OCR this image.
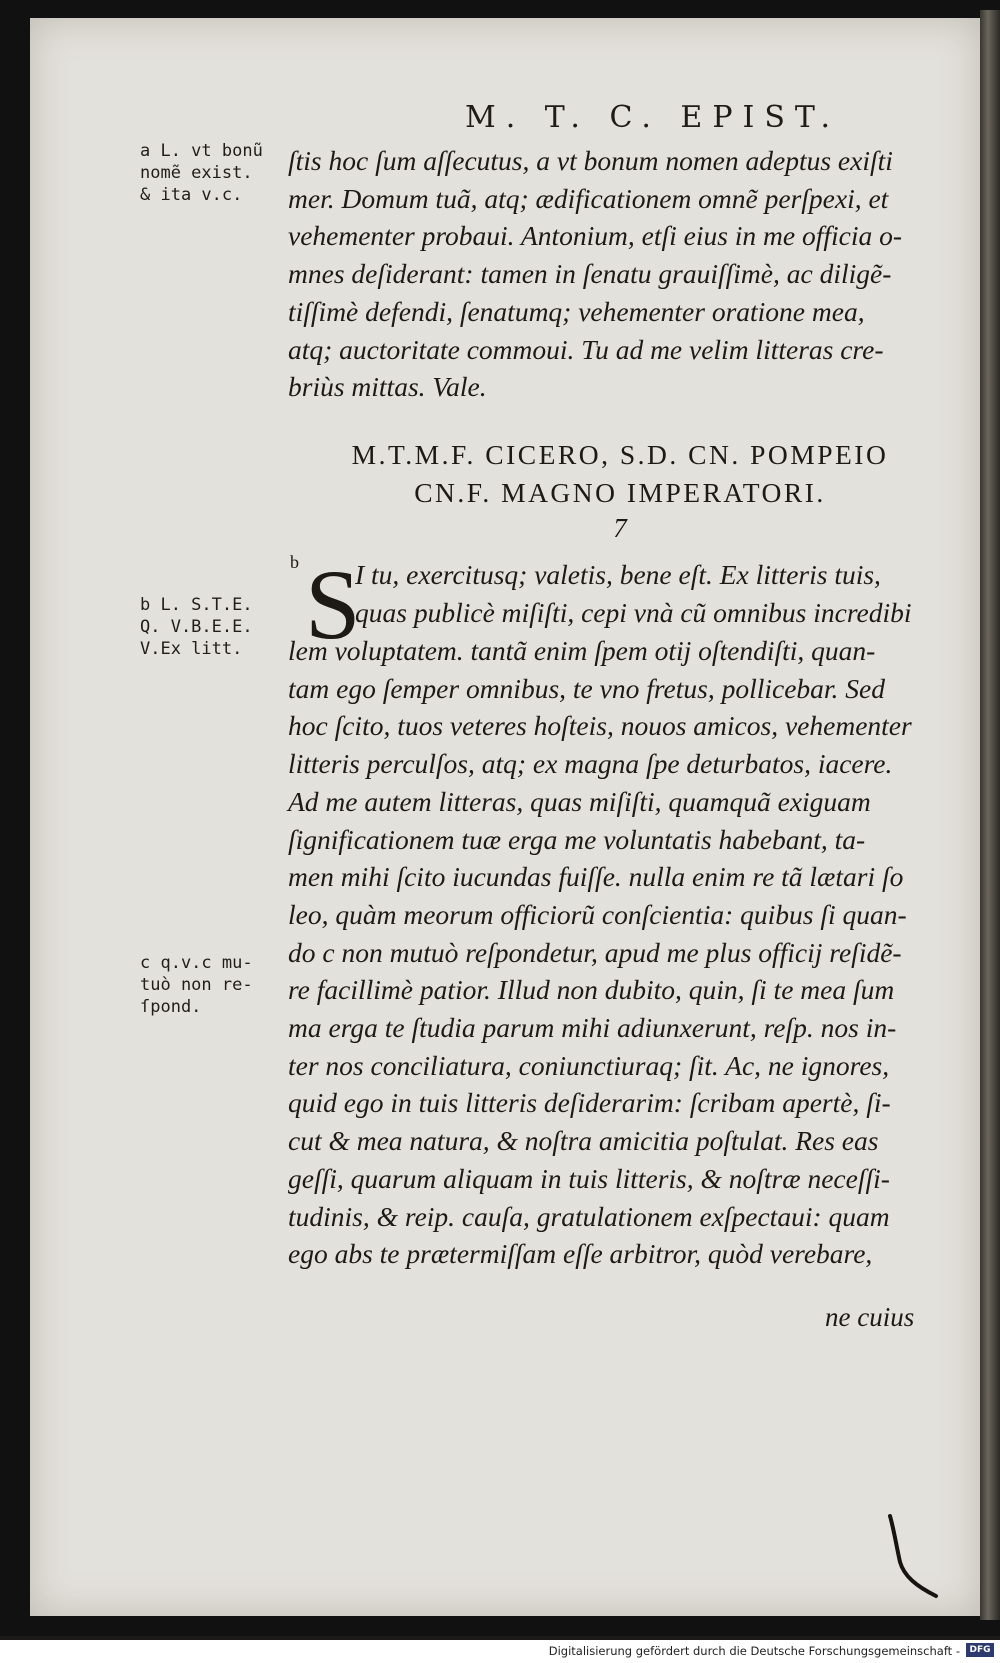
M. T. C. EPIST.
a L. vt bonũ
nomẽ exist.
& ita v.c.
b L. S.T.E.
Q. V.B.E.E.
V.Ex litt.
c q.v.c mu-
tuò non re-
ſpond.
ſtis hoc ſum aſſecutus, a vt bonum nomen adeptus exiſti
mer. Domum tuã, atq; ædificationem omnẽ perſpexi, et
vehementer probaui. Antonium, etſi eius in me officia o-
mnes deſiderant: tamen in ſenatu grauiſſimè, ac diligẽ-
tiſſimè defendi, ſenatumq; vehementer oratione mea,
atq; auctoritate commoui. Tu ad me velim litteras cre-
briùs mittas. Vale.
M.T.M.F. CICERO, S.D. CN. POMPEIO
CN.F. MAGNO IMPERATORI.
7
b S
I tu, exercitusq; valetis, bene eſt. Ex litteris tuis,
quas publicè miſiſti, cepi vnà cũ omnibus incredibi
lem voluptatem. tantã enim ſpem otij oſtendiſti, quan-
tam ego ſemper omnibus, te vno fretus, pollicebar. Sed
hoc ſcito, tuos veteres hoſteis, nouos amicos, vehementer
litteris perculſos, atq; ex magna ſpe deturbatos, iacere.
Ad me autem litteras, quas miſiſti, quamquã exiguam
ſignificationem tuæ erga me voluntatis habebant, ta-
men mihi ſcito iucundas fuiſſe. nulla enim re tã lætari ſo
leo, quàm meorum officiorũ conſcientia: quibus ſi quan-
do c non mutuò reſpondetur, apud me plus officij reſidẽ-
re facillimè patior. Illud non dubito, quin, ſi te mea ſum
ma erga te ſtudia parum mihi adiunxerunt, reſp. nos in-
ter nos conciliatura, coniunctiuraq; ſit. Ac, ne ignores,
quid ego in tuis litteris deſiderarim: ſcribam apertè, ſi-
cut & mea natura, & noſtra amicitia poſtulat. Res eas
geſſi, quarum aliquam in tuis litteris, & noſtræ neceſſi-
tudinis, & reip. cauſa, gratulationem exſpectaui: quam
ego abs te prætermiſſam eſſe arbitror, quòd verebare,
ne cuius
Digitalisierung gefördert durch die Deutsche Forschungsgemeinschaft -	DFG
